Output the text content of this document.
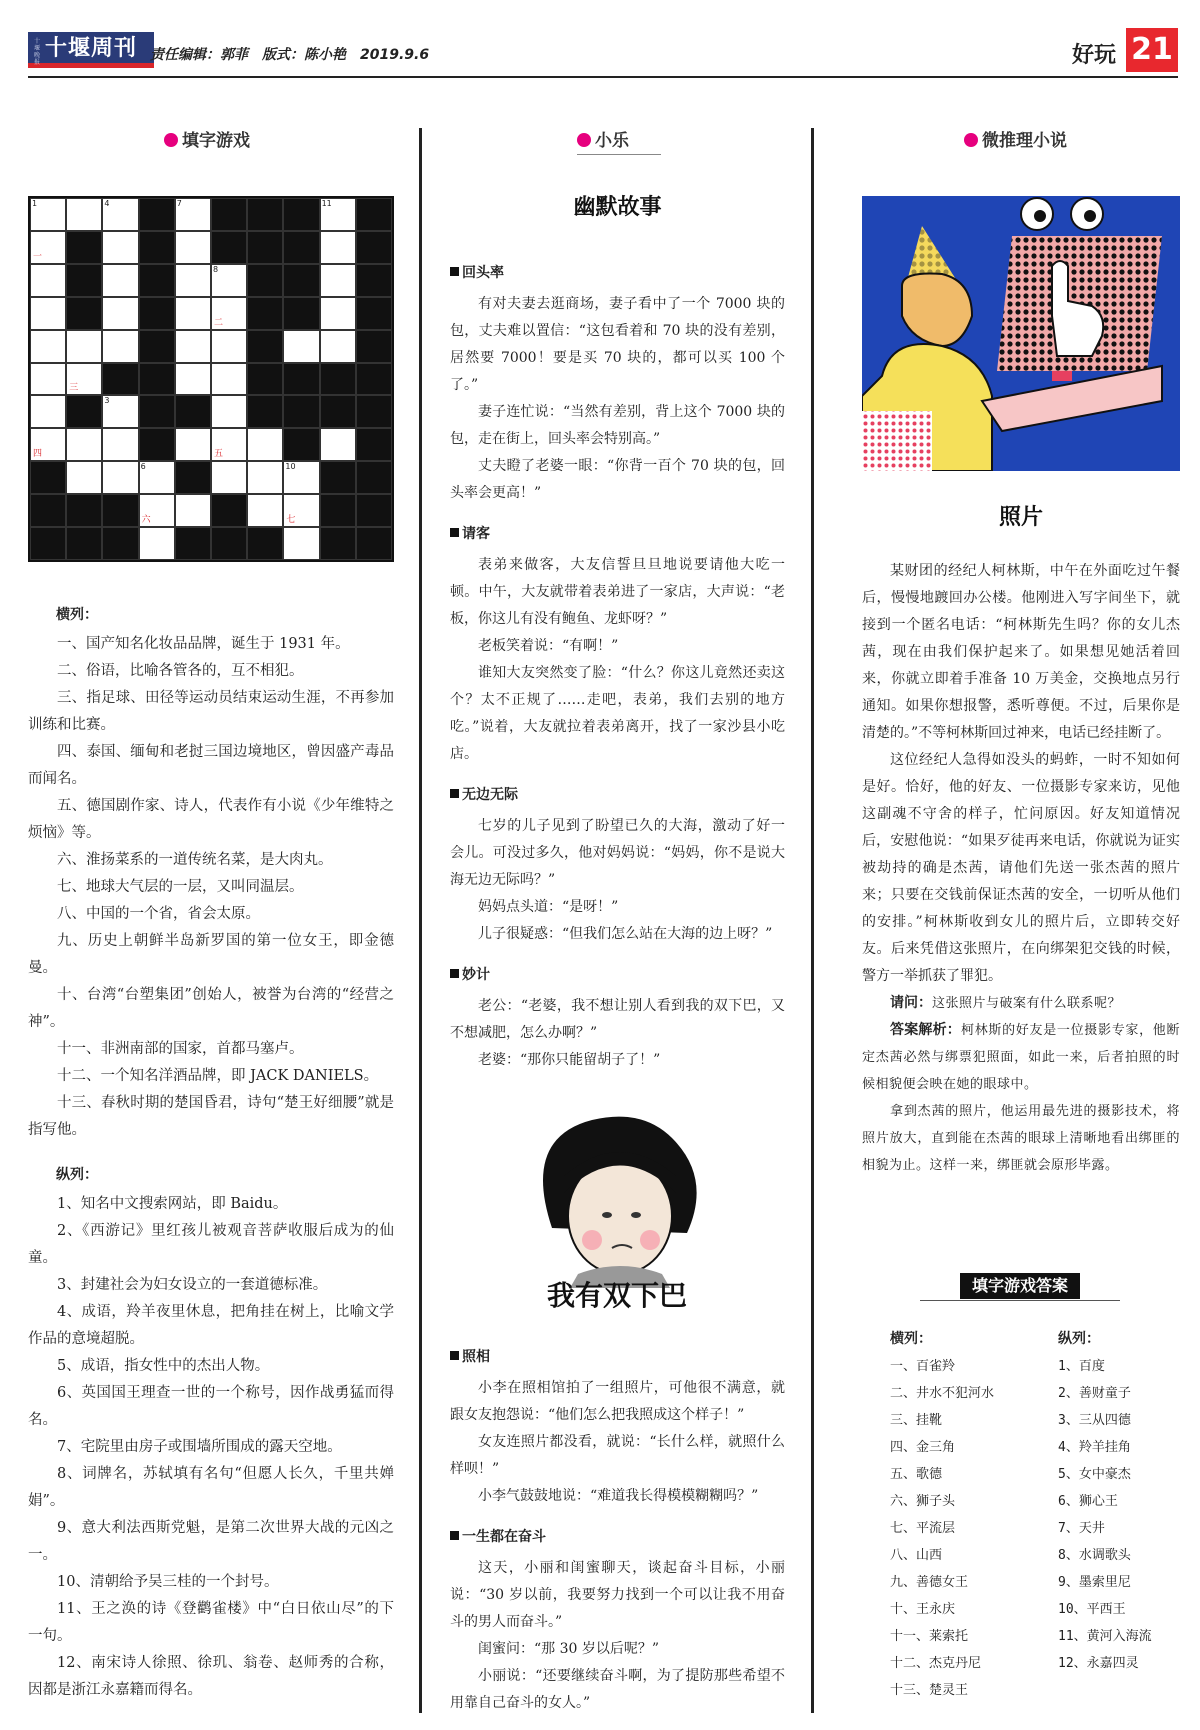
十堰晚报
十堰周刊 责任编辑：郭菲　版式：陈小艳　2019.9.6	好玩 21
填字游戏	小乐	微推理小说
1	4	7	11
一
8
二
三
3
四	五
6	10
六	七
横列：

一、国产知名化妆品品牌，诞生于 1931 年。

二、俗语，比喻各管各的，互不相犯。

三、指足球、田径等运动员结束运动生涯，不再参加训练和比赛。

四、泰国、缅甸和老挝三国边境地区，曾因盛产毒品而闻名。

五、德国剧作家、诗人，代表作有小说《少年维特之烦恼》等。

六、淮扬菜系的一道传统名菜，是大肉丸。

七、地球大气层的一层，又叫同温层。

八、中国的一个省，省会太原。

九、历史上朝鲜半岛新罗国的第一位女王，即金德曼。

十、台湾“台塑集团”创始人，被誉为台湾的“经营之神”。

十一、非洲南部的国家，首都马塞卢。

十二、一个知名洋酒品牌，即 JACK DANIELS。

十三、春秋时期的楚国昏君，诗句“楚王好细腰”就是指写他。

纵列：

1、知名中文搜索网站，即 Baidu。

2、《西游记》里红孩儿被观音菩萨收服后成为的仙童。

3、封建社会为妇女设立的一套道德标准。

4、成语，羚羊夜里休息，把角挂在树上，比喻文学作品的意境超脱。

5、成语，指女性中的杰出人物。

6、英国国王理查一世的一个称号，因作战勇猛而得名。

7、宅院里由房子或围墙所围成的露天空地。

8、词牌名，苏轼填有名句“但愿人长久，千里共婵娟”。

9、意大利法西斯党魁，是第二次世界大战的元凶之一。

10、清朝给予吴三桂的一个封号。

11、王之涣的诗《登鹳雀楼》中“白日依山尽”的下一句。

12、南宋诗人徐照、徐玑、翁卷、赵师秀的合称，因都是浙江永嘉籍而得名。

幽默故事
回头率

有对夫妻去逛商场，妻子看中了一个 7000 块的包，丈夫难以置信：“这包看着和 70 块的没有差别，居然要 7000！要是买 70 块的，都可以买 100 个了。”

妻子连忙说：“当然有差别，背上这个 7000 块的包，走在街上，回头率会特别高。”

丈夫瞪了老婆一眼：“你背一百个 70 块的包，回头率会更高！”

请客

表弟来做客，大友信誓旦旦地说要请他大吃一顿。中午，大友就带着表弟进了一家店，大声说：“老板，你这儿有没有鲍鱼、龙虾呀？”

老板笑着说：“有啊！”

谁知大友突然变了脸：“什么？你这儿竟然还卖这个？太不正规了……走吧，表弟，我们去别的地方吃。”说着，大友就拉着表弟离开，找了一家沙县小吃店。

无边无际

七岁的儿子见到了盼望已久的大海，激动了好一会儿。可没过多久，他对妈妈说：“妈妈，你不是说大海无边无际吗？”

妈妈点头道：“是呀！”

儿子很疑惑：“但我们怎么站在大海的边上呀？”

妙计

老公：“老婆，我不想让别人看到我的双下巴，又不想减肥，怎么办啊？”

老婆：“那你只能留胡子了！”

我有双下巴
照相

小李在照相馆拍了一组照片，可他很不满意，就跟女友抱怨说：“他们怎么把我照成这个样子！”

女友连照片都没看，就说：“长什么样，就照什么样呗！”

小李气鼓鼓地说：“难道我长得模模糊糊吗？”

一生都在奋斗

这天，小丽和闺蜜聊天，谈起奋斗目标，小丽说：“30 岁以前，我要努力找到一个可以让我不用奋斗的男人而奋斗。”

闺蜜问：“那 30 岁以后呢？”

小丽说：“还要继续奋斗啊，为了提防那些希望不用靠自己奋斗的女人。”

照片

某财团的经纪人柯林斯，中午在外面吃过午餐后，慢慢地踱回办公楼。他刚进入写字间坐下，就接到一个匿名电话：“柯林斯先生吗？你的女儿杰茜，现在由我们保护起来了。如果想见她活着回来，你就立即着手准备 10 万美金，交换地点另行通知。如果你想报警，悉听尊便。不过，后果你是清楚的。”不等柯林斯回过神来，电话已经挂断了。

这位经纪人急得如没头的蚂蚱，一时不知如何是好。恰好，他的好友、一位摄影专家来访，见他这副魂不守舍的样子，忙问原因。好友知道情况后，安慰他说：“如果歹徒再来电话，你就说为证实被劫持的确是杰茜，请他们先送一张杰茜的照片来；只要在交钱前保证杰茜的安全，一切听从他们的安排。”柯林斯收到女儿的照片后，立即转交好友。后来凭借这张照片，在向绑架犯交钱的时候，警方一举抓获了罪犯。

请问：这张照片与破案有什么联系呢？

答案解析：柯林斯的好友是一位摄影专家，他断定杰茜必然与绑票犯照面，如此一来，后者拍照的时候相貌便会映在她的眼球中。

拿到杰茜的照片，他运用最先进的摄影技术，将照片放大，直到能在杰茜的眼球上清晰地看出绑匪的相貌为止。这样一来，绑匪就会原形毕露。

填字游戏答案
横列：
一、百雀羚
二、井水不犯河水
三、挂靴
四、金三角
五、歌德
六、狮子头
七、平流层
八、山西
九、善德女王
十、王永庆
十一、莱索托
十二、杰克丹尼
十三、楚灵王
纵列：
1、百度
2、善财童子
3、三从四德
4、羚羊挂角
5、女中豪杰
6、狮心王
7、天井
8、水调歌头
9、墨索里尼
10、平西王
11、黄河入海流
12、永嘉四灵
